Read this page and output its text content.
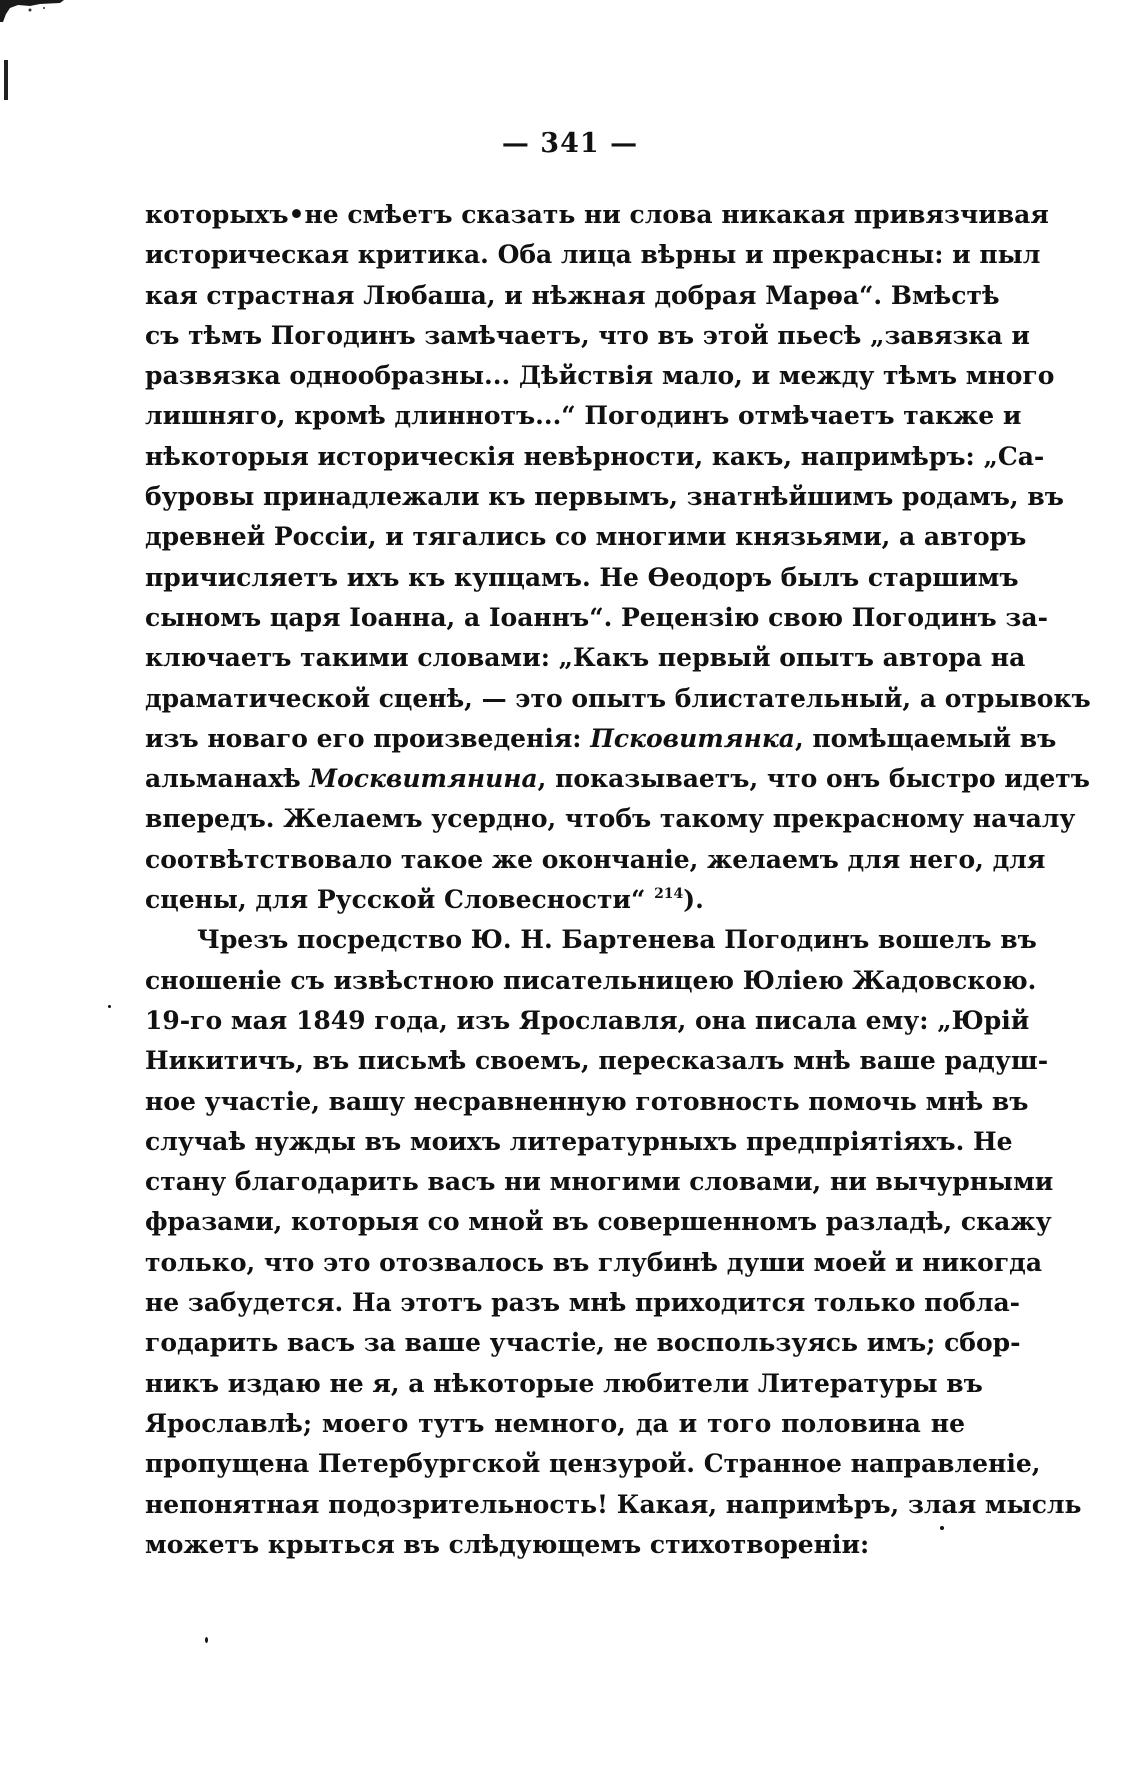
— 341 —
которыхъ•не смѣетъ сказать ни слова никакая привязчивая
историческая критика. Оба лица вѣрны и прекрасны: и пыл
кая страстная Любаша, и нѣжная добрая Марѳа“. Вмѣстѣ
съ тѣмъ Погодинъ замѣчаетъ, что въ этой пьесѣ „завязка и
развязка однообразны... Дѣйствія мало, и между тѣмъ много
лишняго, кромѣ длиннотъ...“ Погодинъ отмѣчаетъ также и
нѣкоторыя историческія невѣрности, какъ, напримѣръ: „Са-
буровы принадлежали къ первымъ, знатнѣйшимъ родамъ, въ
древней Россіи, и тягались со многими князьями, а авторъ
причисляетъ ихъ къ купцамъ. Не Ѳеодоръ былъ старшимъ
сыномъ царя Іоанна, а Іоаннъ“. Рецензію свою Погодинъ за-
ключаетъ такими словами: „Какъ первый опытъ автора на
драматической сценѣ, — это опытъ блистательный, а отрывокъ
изъ новаго его произведенія: Псковитянка, помѣщаемый въ
альманахѣ Москвитянина, показываетъ, что онъ быстро идетъ
впередъ. Желаемъ усердно, чтобъ такому прекрасному началу
соотвѣтствовало такое же окончаніе, желаемъ для него, для
сцены, для Русской Словесности“ $^{214}$).
Чрезъ посредство Ю. Н. Бартенева Погодинъ вошелъ въ
сношеніе съ извѣстною писательницею Юліею Жадовскою.
19-го мая 1849 года, изъ Ярославля, она писала ему: „Юрій
Никитичъ, въ письмѣ своемъ, пересказалъ мнѣ ваше радуш-
ное участіе, вашу несравненную готовность помочь мнѣ въ
случаѣ нужды въ моихъ литературныхъ предпріятіяхъ. Не
стану благодарить васъ ни многими словами, ни вычурными
фразами, которыя со мной въ совершенномъ разладѣ, скажу
только, что это отозвалось въ глубинѣ души моей и никогда
не забудется. На этотъ разъ мнѣ приходится только побла-
годарить васъ за ваше участіе, не воспользуясь имъ; сбор-
никъ издаю не я, а нѣкоторые любители Литературы въ
Ярославлѣ; моего тутъ немного, да и того половина не
пропущена Петербургской цензурой. Странное направленіе,
непонятная подозрительность! Какая, напримѣръ, злая мысль
можетъ крыться въ слѣдующемъ стихотвореніи:
